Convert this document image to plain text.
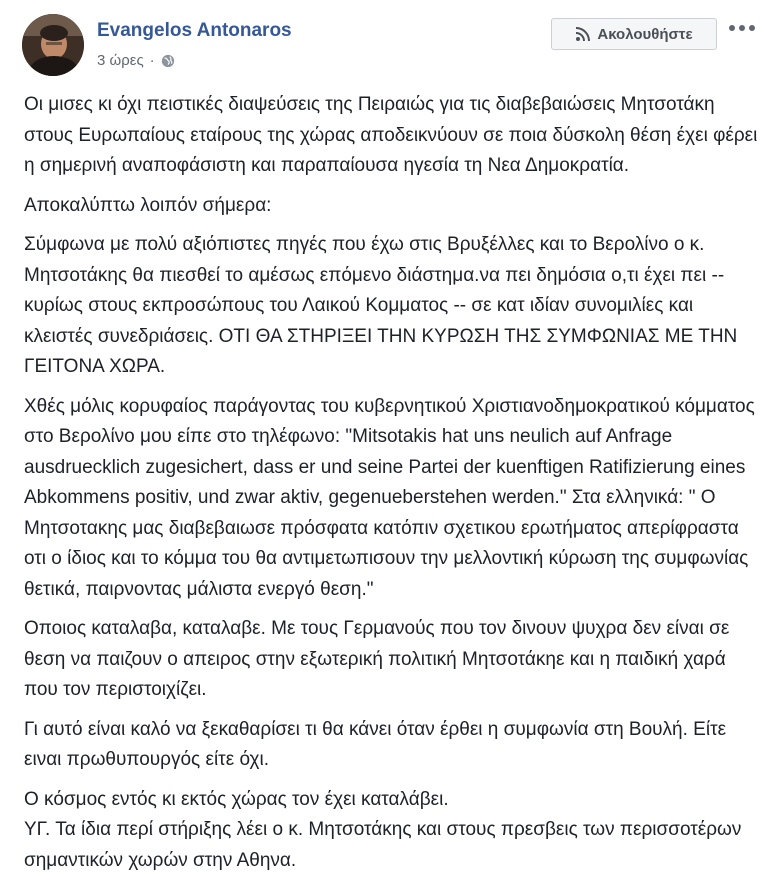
Evangelos Antonaros
3 ώρες ·
Ακολουθήστε

Οι μισες κι όχι πειστικές διαψεύσεις της Πειραιώς για τις διαβεβαιώσεις Μητσοτάκη στους Ευρωπαίους εταίρους της χώρας αποδεικνύουν σε ποια δύσκολη θέση έχει φέρει η σημερινή αναποφάσιστη και παραπαίουσα ηγεσία τη Νεα Δημοκρατία.

Αποκαλύπτω λοιπόν σήμερα:

Σύμφωνα με πολύ αξιόπιστες πηγές που έχω στις Βρυξέλλες και το Βερολίνο ο κ. Μητσοτάκης θα πιεσθεί το αμέσως επόμενο διάστημα.να πει δημόσια ο,τι έχει πει -- κυρίως στους εκπροσώπους του Λαικού Κομματος -- σε κατ ιδίαν συνομιλίες και κλειστές συνεδριάσεις. ΟΤΙ ΘΑ ΣΤΗΡΙΞΕΙ ΤΗΝ ΚΥΡΩΣΗ ΤΗΣ ΣΥΜΦΩΝΙΑΣ ΜΕ ΤΗΝ ΓΕΙΤΟΝΑ ΧΩΡΑ.

Χθές μόλις κορυφαίος παράγοντας του κυβερνητικού Χριστιανοδημοκρατικού κόμματος στο Βερολίνο μου είπε στο τηλέφωνο: "Mitsotakis hat uns neulich auf Anfrage ausdruecklich zugesichert, dass er und seine Partei der kuenftigen Ratifizierung eines Abkommens positiv, und zwar aktiv, gegenueberstehen werden." Στα ελληνικά: " Ο Μητσοτακης μας διαβεβαιωσε πρόσφατα κατόπιν σχετικου ερωτήματος απερίφραστα οτι ο ίδιος και το κόμμα του θα αντιμετωπισουν την μελλοντική κύρωση της συμφωνίας θετικά, παιρνοντας μάλιστα ενεργό θεση."

Οποιος καταλαβα, καταλαβε. Με τους Γερμανούς που τον δινουν ψυχρα δεν είναι σε θεση να παιζουν ο απειρος στην εξωτερική πολιτική Μητσοτάκηε και η παιδική χαρά που τον περιστοιχίζει.

Γι αυτό είναι καλό να ξεκαθαρίσει τι θα κάνει όταν έρθει η συμφωνία στη Βουλή. Είτε ειναι πρωθυπουργός είτε όχι.

Ο κόσμος εντός κι εκτός χώρας τον έχει καταλάβει.
ΥΓ. Τα ίδια περί στήριξης λέει ο κ. Μητσοτάκης και στους πρεσβεις των περισσοτέρων σημαντικών χωρών στην Αθηνα.
